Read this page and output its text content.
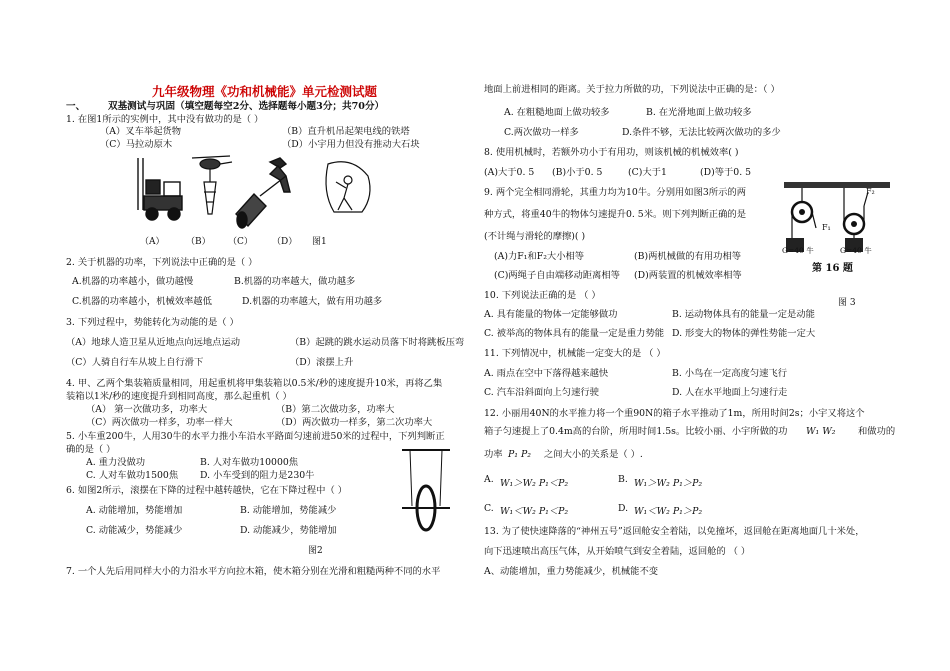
九年级物理《功和机械能》单元检测试题
一、 双基测试与巩固（填空题每空2分、选择题每小题3分；共70分）
1. 在图1所示的实例中，其中没有做功的是（ ）
（A）叉车举起货物	（B）直升机吊起架电线的铁塔
（C）马拉动原木	（D）小宇用力但没有推动大石块
（A） （B） （C） （D） 图1
2. 关于机器的功率，下列说法中正确的是（ ）
A.机器的功率越小，做功越慢	B.机器的功率越大，做功越多
C.机器的功率越小，机械效率越低	D.机器的功率越大，做有用功越多
3. 下列过程中，势能转化为动能的是（ ）
（A）地球人造卫星从近地点向远地点运动	（B）起跳的跳水运动员落下时将跳板压弯
（C）人骑自行车从坡上自行滑下	（D）滚摆上升
4. 甲、乙两个集装箱质量相同，用起重机将甲集装箱以0.5米/秒的速度提升10米，再将乙集
装箱以1米/秒的速度提升到相同高度，那么起重机（ ）
（A） 第一次做功多，功率大	（B）第二次做功多，功率大
（C）两次做功一样多，功率一样大	（D）两次做功一样多，第二次功率大
5. 小车重200牛，人用30牛的水平力推小车沿水平路面匀速前进50米的过程中，下列判断正
确的是（ ）
A. 重力没做功	B. 人对车做功10000焦
C. 人对车做功1500焦 D. 小车受到的阻力是230牛
6. 如图2所示，滚摆在下降的过程中越转越快，它在下降过程中（ ）
A. 动能增加，势能增加	B. 动能增加，势能减少
C. 动能减少，势能减少	D. 动能减少，势能增加
图2
7. 一个人先后用同样大小的力沿水平方向拉木箱，使木箱分别在光滑和粗糙两种不同的水平
地面上前进相同的距离。关于拉力所做的功，下列说法中正确的是：（ ）
A. 在粗糙地面上做功较多	B. 在光滑地面上做功较多
C.两次做功一样多	D.条件不够，无法比较两次做功的多少
8. 使用机械时，若额外功小于有用功，则该机械的机械效率( )
(A)大于0. 5 (B)小于0. 5	(C)大于1	(D)等于0. 5
9. 两个完全相同滑轮，其重力均为10牛。分别用如图3所示的两
种方式，将重40牛的物体匀速提升0. 5米。则下列判断正确的是
(不计绳与滑轮的摩擦)( )
(A)力F₁和F₂大小相等	(B)两机械做的有用功相等
(C)两绳子自由端移动距离相等 (D)两装置的机械效率相等
F₁
F₂
G=40 牛	G=40 牛
第 16 题
图 3
10. 下列说法正确的是 （ ）
A. 具有能量的物体一定能够做功	B. 运动物体具有的能量一定是动能
C. 被举高的物体具有的能量一定是重力势能 D. 形变大的物体的弹性势能一定大
11. 下列情况中，机械能一定变大的是 （ ）
A. 雨点在空中下落得越来越快	B. 小鸟在一定高度匀速飞行
C. 汽车沿斜面向上匀速行驶	D. 人在水平地面上匀速行走
12. 小丽用40N的水平推力将一个重90N的箱子水平推动了1m，所用时间2s；小宇又将这个
箱子匀速提上了0.4m高的台阶，所用时间1.5s。比较小丽、小宇所做的功 W₁ W₂ 和做功的
功率 P₁ P₂ 之间大小的关系是（ ）.
A. W₁＞W₂ P₁＜P₂	B. W₁＞W₂ P₁＞P₂
C. W₁＜W₂ P₁＜P₂	D. W₁＜W₂ P₁＞P₂
13. 为了使快速降落的“神州五号”返回舱安全着陆，以免撞坏，返回舱在距离地面几十米处，
向下迅速喷出高压气体，从开始喷气到安全着陆，返回舱的 （ ）
A、动能增加，重力势能减少，机械能不变
